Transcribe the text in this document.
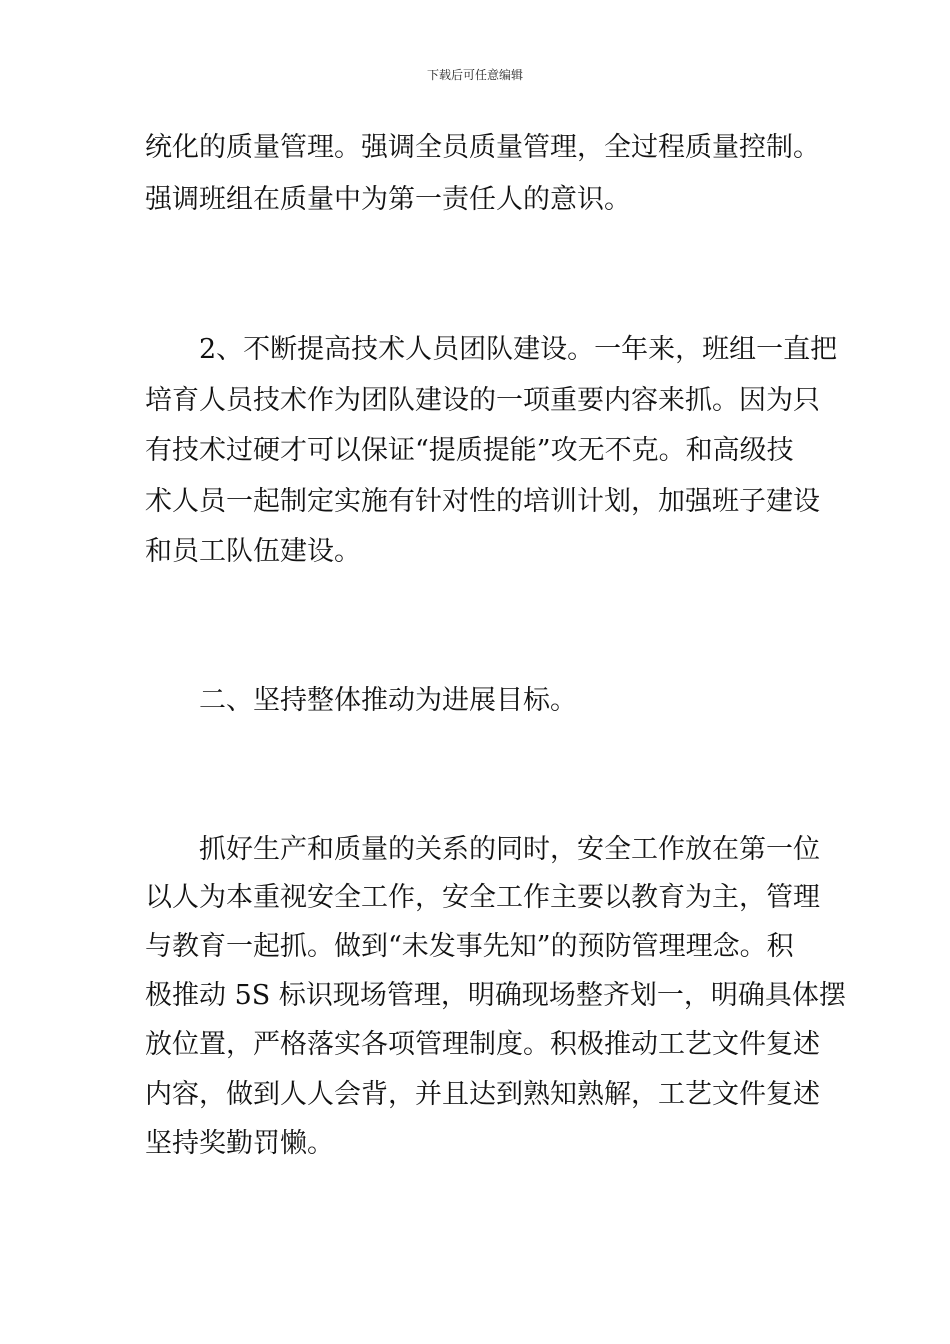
下载后可任意编辑
统化的质量管理。强调全员质量管理，全过程质量控制。
强调班组在质量中为第一责任人的意识。
　　2、不断提高技术人员团队建设。一年来，班组一直把
培育人员技术作为团队建设的一项重要内容来抓。因为只
有技术过硬才可以保证“提质提能”攻无不克。和高级技
术人员一起制定实施有针对性的培训计划，加强班子建设
和员工队伍建设。
　　二、坚持整体推动为进展目标。
　　抓好生产和质量的关系的同时，安全工作放在第一位
以人为本重视安全工作，安全工作主要以教育为主，管理
与教育一起抓。做到“未发事先知”的预防管理理念。积
极推动 5S 标识现场管理，明确现场整齐划一，明确具体摆
放位置，严格落实各项管理制度。积极推动工艺文件复述
内容，做到人人会背，并且达到熟知熟解，工艺文件复述
坚持奖勤罚懒。
